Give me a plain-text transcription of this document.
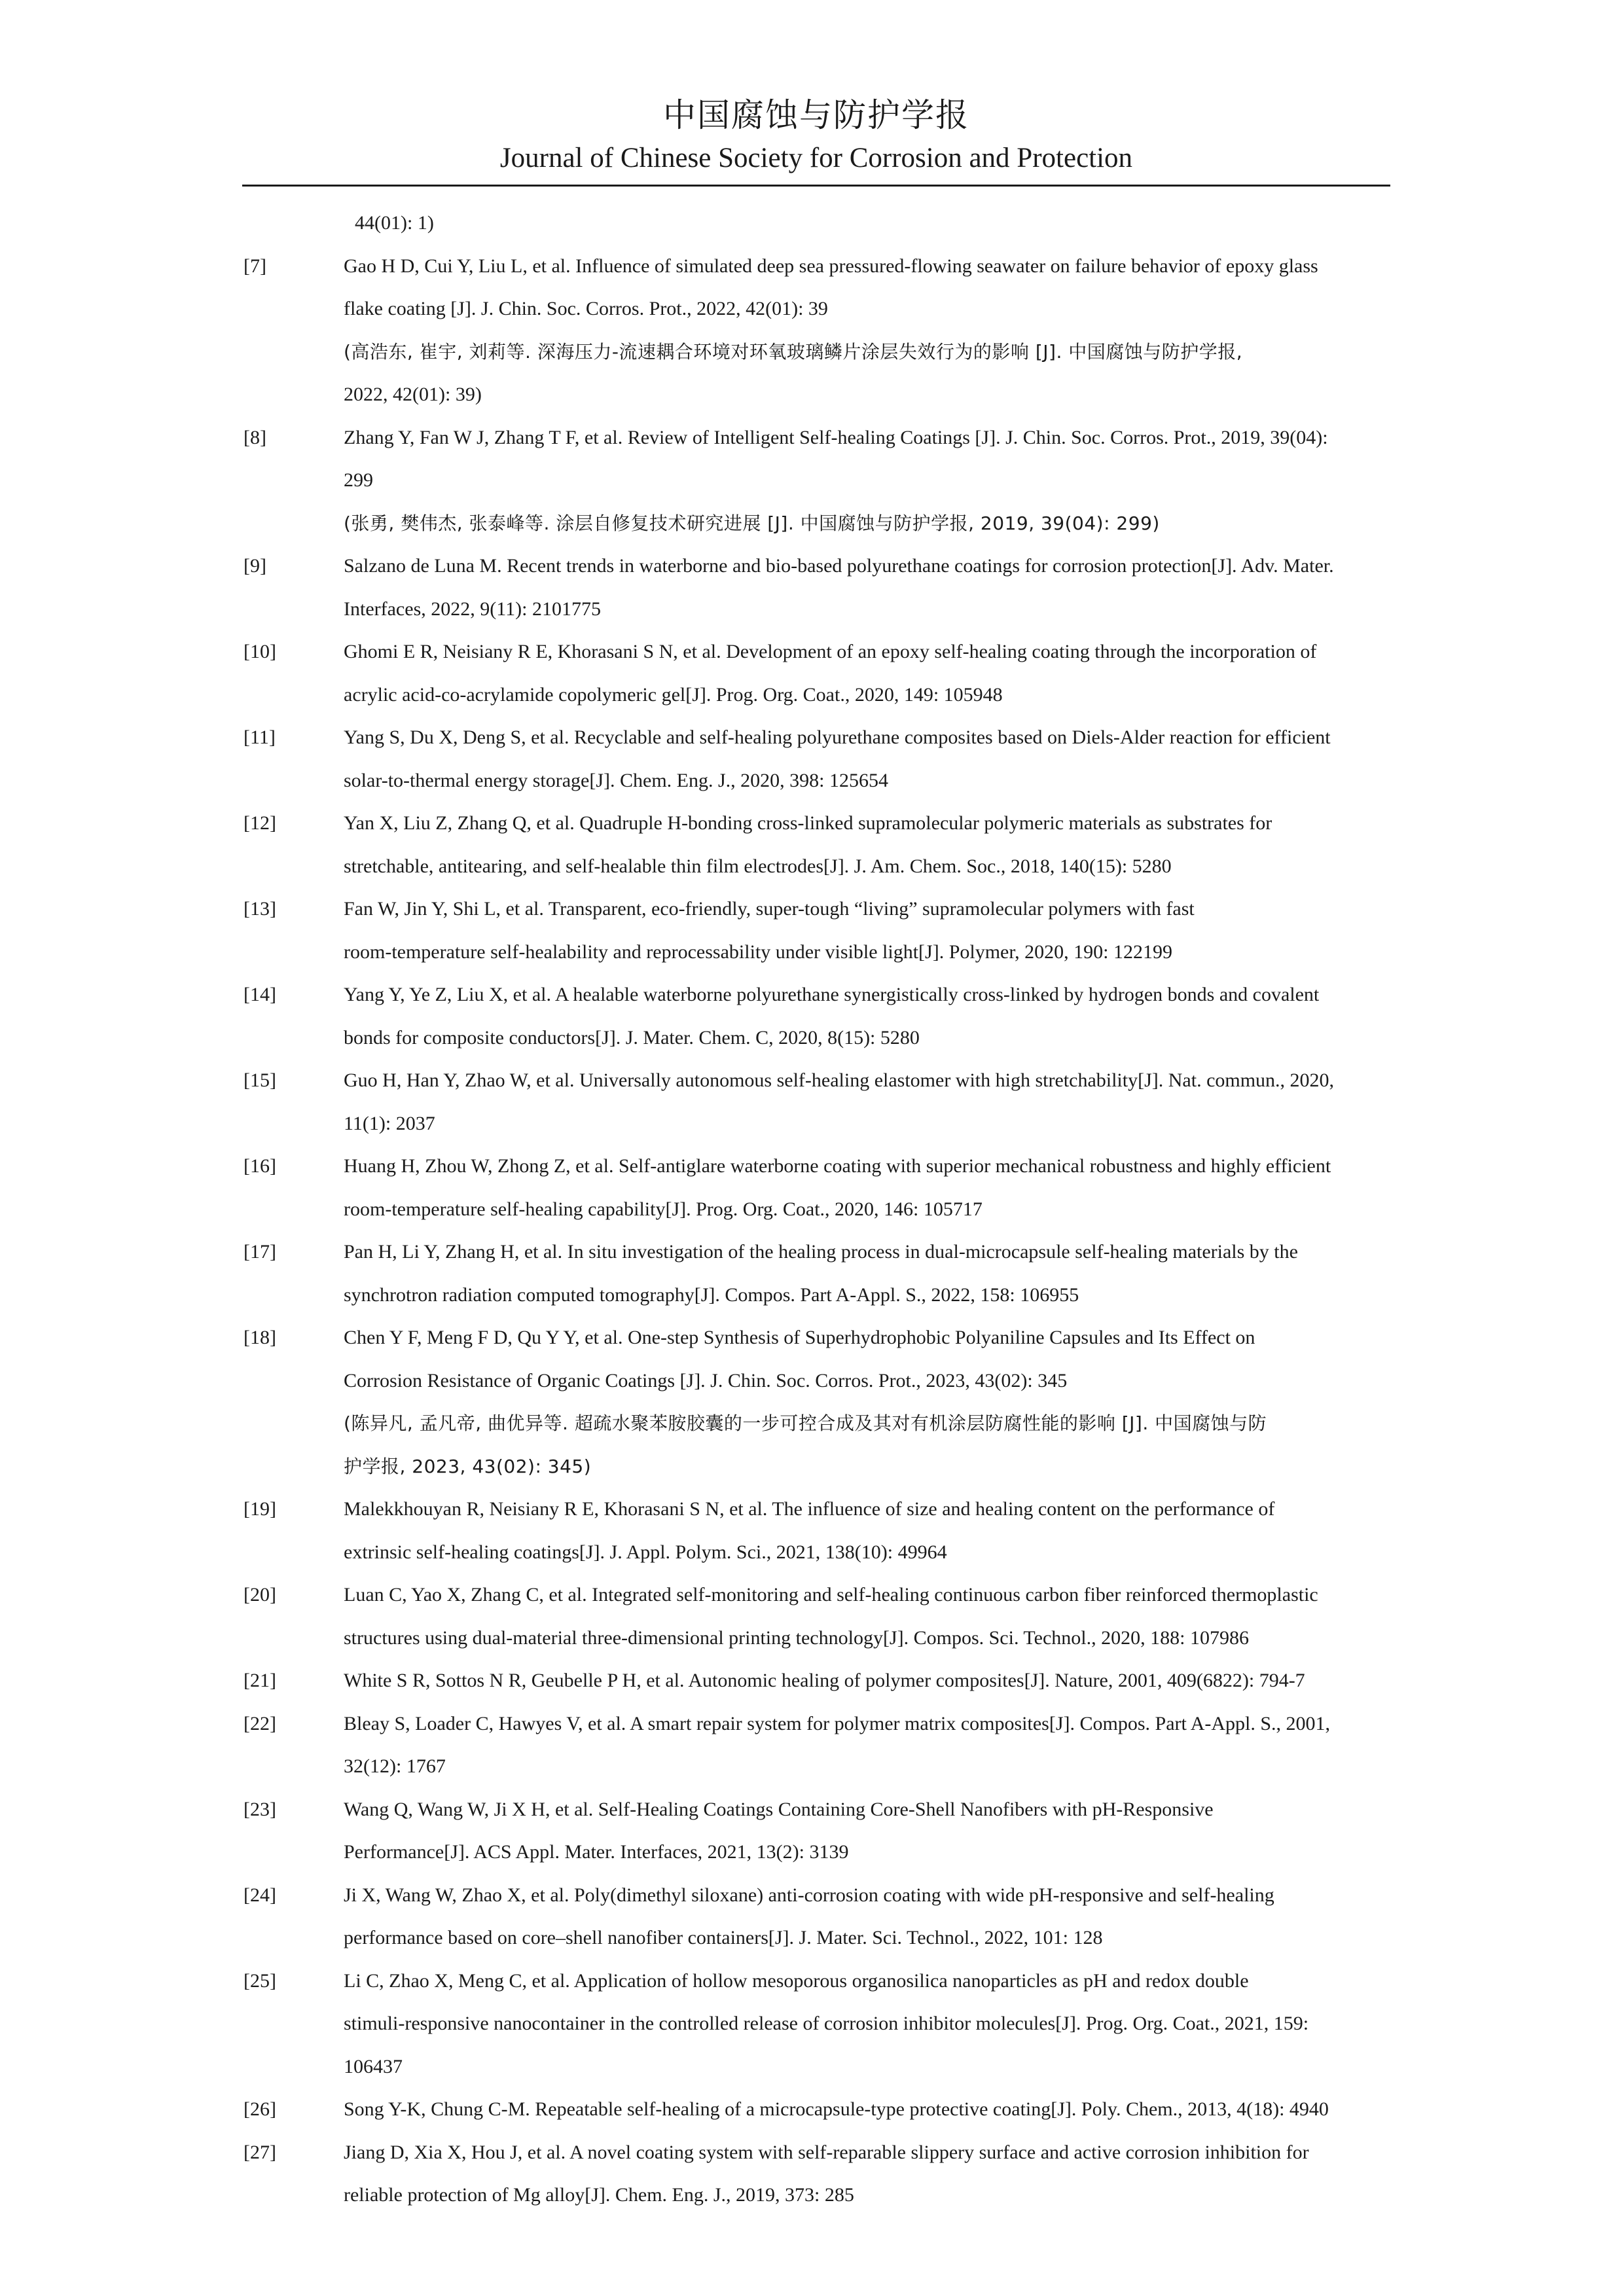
中国腐蚀与防护学报
Journal of Chinese Society for Corrosion and Protection
44(01): 1)
[7]	Gao H D, Cui Y, Liu L, et al. Influence of simulated deep sea pressured-flowing seawater on failure behavior of epoxy glass
flake coating [J]. J. Chin. Soc. Corros. Prot., 2022, 42(01): 39
(高浩东, 崔宇, 刘莉等. 深海压力-流速耦合环境对环氧玻璃鳞片涂层失效行为的影响 [J]. 中国腐蚀与防护学报,
2022, 42(01): 39)
[8]	Zhang Y, Fan W J, Zhang T F, et al. Review of Intelligent Self-healing Coatings [J]. J. Chin. Soc. Corros. Prot., 2019, 39(04):
299
(张勇, 樊伟杰, 张泰峰等. 涂层自修复技术研究进展 [J]. 中国腐蚀与防护学报, 2019, 39(04): 299)
[9]	Salzano de Luna M. Recent trends in waterborne and bio-based polyurethane coatings for corrosion protection[J]. Adv. Mater.
Interfaces, 2022, 9(11): 2101775
[10]	Ghomi E R, Neisiany R E, Khorasani S N, et al. Development of an epoxy self-healing coating through the incorporation of
acrylic acid-co-acrylamide copolymeric gel[J]. Prog. Org. Coat., 2020, 149: 105948
[11]	Yang S, Du X, Deng S, et al. Recyclable and self-healing polyurethane composites based on Diels-Alder reaction for efficient
solar-to-thermal energy storage[J]. Chem. Eng. J., 2020, 398: 125654
[12]	Yan X, Liu Z, Zhang Q, et al. Quadruple H-bonding cross-linked supramolecular polymeric materials as substrates for
stretchable, antitearing, and self-healable thin film electrodes[J]. J. Am. Chem. Soc., 2018, 140(15): 5280
[13]	Fan W, Jin Y, Shi L, et al. Transparent, eco-friendly, super-tough “living” supramolecular polymers with fast
room-temperature self-healability and reprocessability under visible light[J]. Polymer, 2020, 190: 122199
[14]	Yang Y, Ye Z, Liu X, et al. A healable waterborne polyurethane synergistically cross-linked by hydrogen bonds and covalent
bonds for composite conductors[J]. J. Mater. Chem. C, 2020, 8(15): 5280
[15]	Guo H, Han Y, Zhao W, et al. Universally autonomous self-healing elastomer with high stretchability[J]. Nat. commun., 2020,
11(1): 2037
[16]	Huang H, Zhou W, Zhong Z, et al. Self-antiglare waterborne coating with superior mechanical robustness and highly efficient
room-temperature self-healing capability[J]. Prog. Org. Coat., 2020, 146: 105717
[17]	Pan H, Li Y, Zhang H, et al. In situ investigation of the healing process in dual-microcapsule self-healing materials by the
synchrotron radiation computed tomography[J]. Compos. Part A-Appl. S., 2022, 158: 106955
[18]	Chen Y F, Meng F D, Qu Y Y, et al. One-step Synthesis of Superhydrophobic Polyaniline Capsules and Its Effect on
Corrosion Resistance of Organic Coatings [J]. J. Chin. Soc. Corros. Prot., 2023, 43(02): 345
(陈异凡, 孟凡帝, 曲优异等. 超疏水聚苯胺胶囊的一步可控合成及其对有机涂层防腐性能的影响 [J]. 中国腐蚀与防
护学报, 2023, 43(02): 345)
[19]	Malekkhouyan R, Neisiany R E, Khorasani S N, et al. The influence of size and healing content on the performance of
extrinsic self‐healing coatings[J]. J. Appl. Polym. Sci., 2021, 138(10): 49964
[20]	Luan C, Yao X, Zhang C, et al. Integrated self-monitoring and self-healing continuous carbon fiber reinforced thermoplastic
structures using dual-material three-dimensional printing technology[J]. Compos. Sci. Technol., 2020, 188: 107986
[21]	White S R, Sottos N R, Geubelle P H, et al. Autonomic healing of polymer composites[J]. Nature, 2001, 409(6822): 794-7
[22]	Bleay S, Loader C, Hawyes V, et al. A smart repair system for polymer matrix composites[J]. Compos. Part A-Appl. S., 2001,
32(12): 1767
[23]	Wang Q, Wang W, Ji X H, et al. Self-Healing Coatings Containing Core-Shell Nanofibers with pH-Responsive
Performance[J]. ACS Appl. Mater. Interfaces, 2021, 13(2): 3139
[24]	Ji X, Wang W, Zhao X, et al. Poly(dimethyl siloxane) anti-corrosion coating with wide pH-responsive and self-healing
performance based on core–shell nanofiber containers[J]. J. Mater. Sci. Technol., 2022, 101: 128
[25]	Li C, Zhao X, Meng C, et al. Application of hollow mesoporous organosilica nanoparticles as pH and redox double
stimuli-responsive nanocontainer in the controlled release of corrosion inhibitor molecules[J]. Prog. Org. Coat., 2021, 159:
106437
[26]	Song Y-K, Chung C-M. Repeatable self-healing of a microcapsule-type protective coating[J]. Poly. Chem., 2013, 4(18): 4940
[27]	Jiang D, Xia X, Hou J, et al. A novel coating system with self-reparable slippery surface and active corrosion inhibition for
reliable protection of Mg alloy[J]. Chem. Eng. J., 2019, 373: 285
